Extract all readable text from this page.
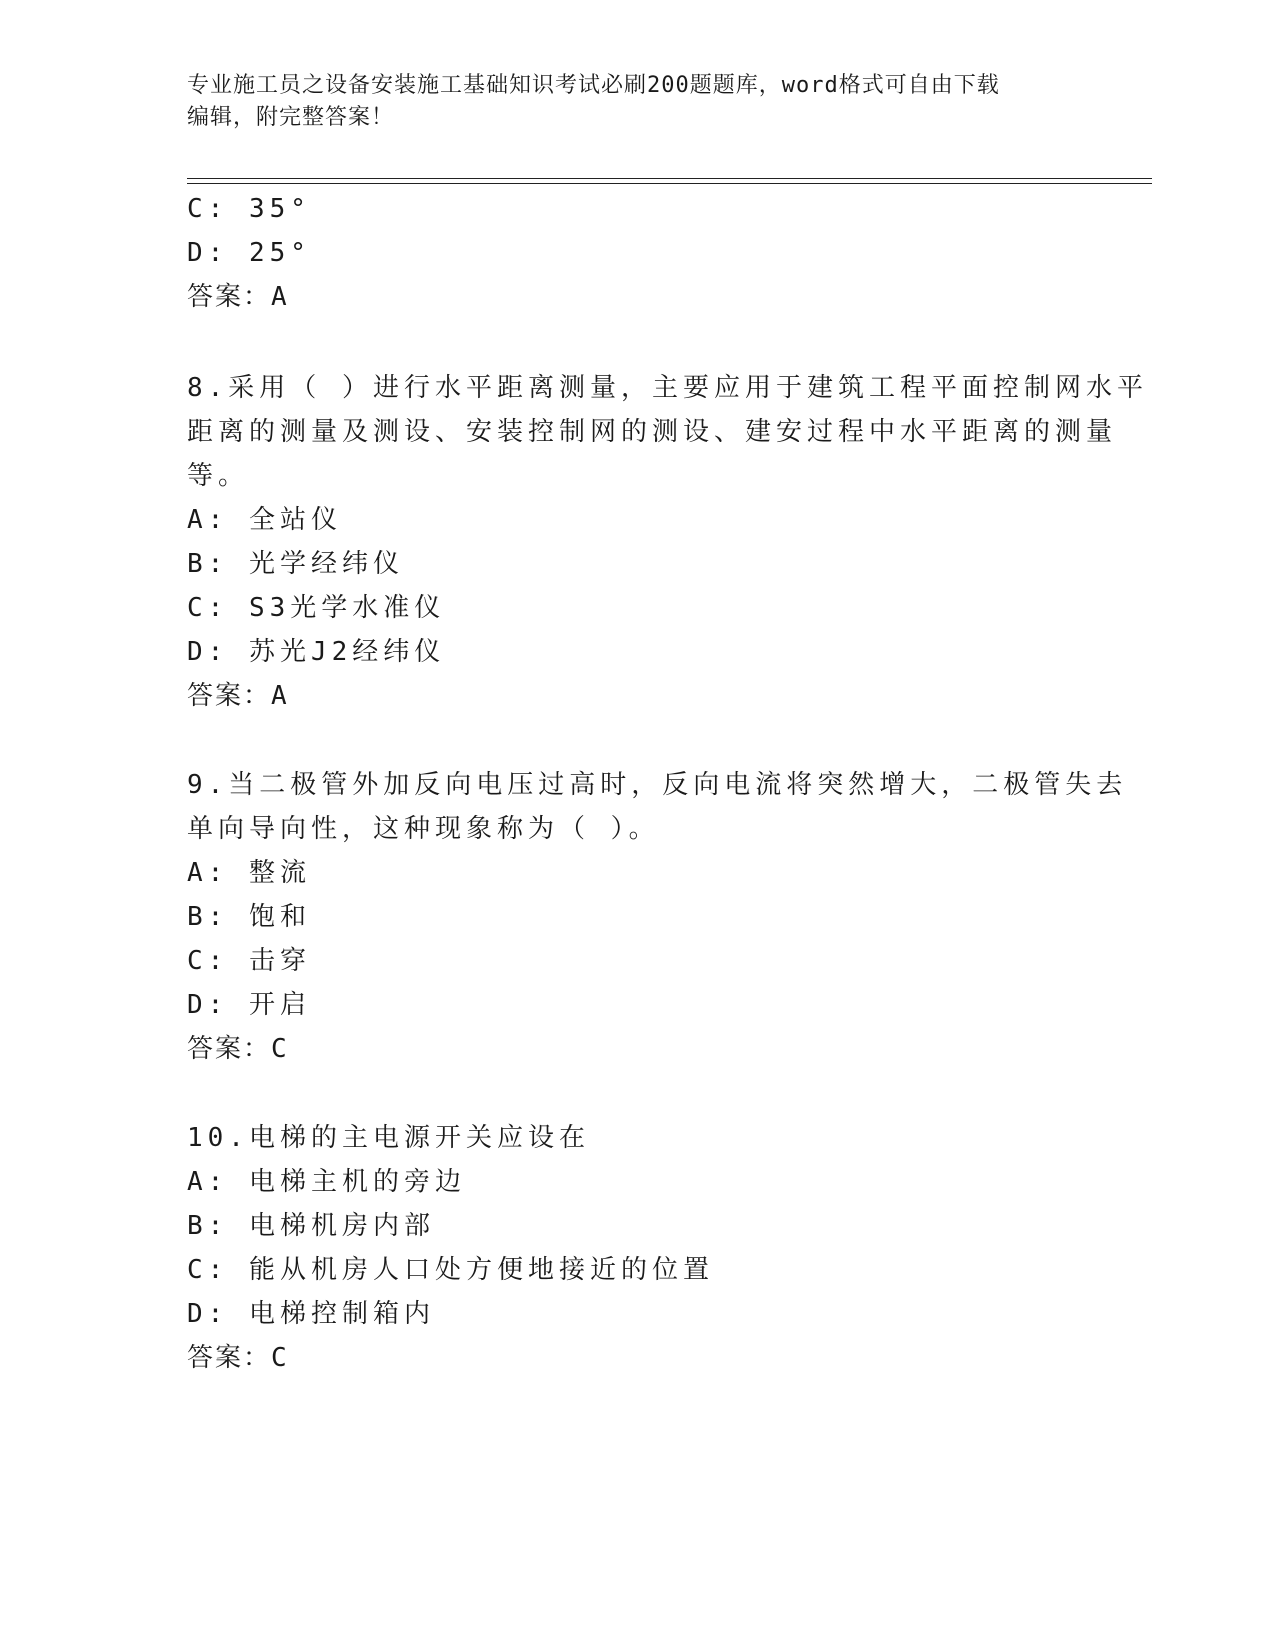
专业施工员之设备安装施工基础知识考试必刷200题题库，word格式可自由下载
编辑，附完整答案！
C: 35°
D: 25°
答案：A
8.采用（ ）进行水平距离测量，主要应用于建筑工程平面控制网水平
距离的测量及测设、安装控制网的测设、建安过程中水平距离的测量
等。
A: 全站仪
B: 光学经纬仪
C: S3光学水准仪
D: 苏光J2经纬仪
答案：A
9.当二极管外加反向电压过高时，反向电流将突然增大，二极管失去
单向导向性，这种现象称为（ ）。
A: 整流
B: 饱和
C: 击穿
D: 开启
答案：C
10.电梯的主电源开关应设在
A: 电梯主机的旁边
B: 电梯机房内部
C: 能从机房人口处方便地接近的位置
D: 电梯控制箱内
答案：C
